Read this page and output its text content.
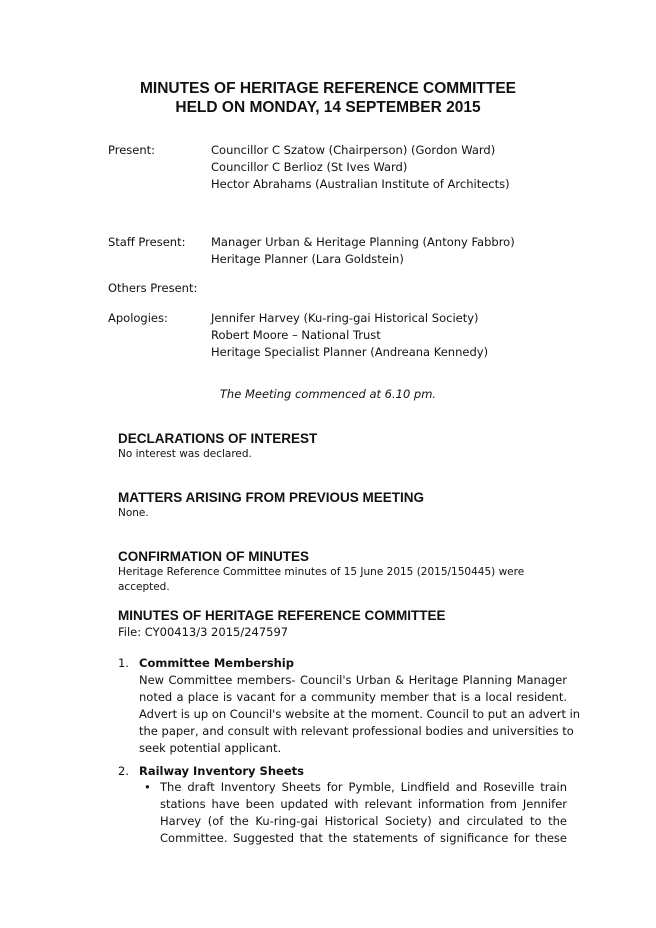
MINUTES OF HERITAGE REFERENCE COMMITTEE
HELD ON MONDAY, 14 SEPTEMBER 2015
Present:	Councillor C Szatow (Chairperson) (Gordon Ward)
Councillor C Berlioz (St Ives Ward)
Hector Abrahams (Australian Institute of Architects)
Staff Present: Manager Urban & Heritage Planning (Antony Fabbro)
Heritage Planner (Lara Goldstein)
Others Present:
Apologies:	Jennifer Harvey (Ku-ring-gai Historical Society)
Robert Moore – National Trust
Heritage Specialist Planner (Andreana Kennedy)
The Meeting commenced at 6.10 pm.
DECLARATIONS OF INTEREST
No interest was declared.
MATTERS ARISING FROM PREVIOUS MEETING
None.
CONFIRMATION OF MINUTES
Heritage Reference Committee minutes of 15 June 2015 (2015/150445) were
accepted.
MINUTES OF HERITAGE REFERENCE COMMITTEE
File: CY00413/3 2015/247597
1. Committee Membership
New Committee members- Council's Urban & Heritage Planning Manager
noted a place is vacant for a community member that is a local resident.
Advert is up on Council's website at the moment. Council to put an advert in
the paper, and consult with relevant professional bodies and universities to
seek potential applicant.
2. Railway Inventory Sheets
• The draft Inventory Sheets for Pymble, Lindfield and Roseville train
stations have been updated with relevant information from Jennifer
Harvey (of the Ku-ring-gai Historical Society) and circulated to the
Committee. Suggested that the statements of significance for these
